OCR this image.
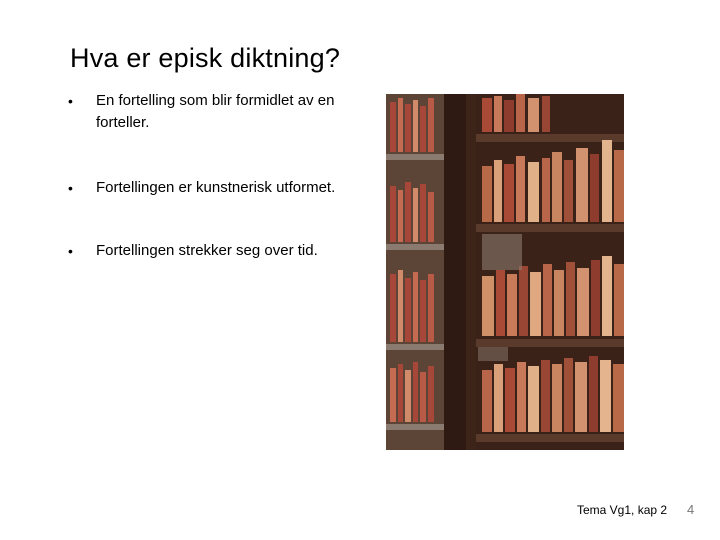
Hva er episk diktning?
• En fortelling som blir formidlet av en forteller.
• Fortellingen er kunstnerisk utformet.
• Fortellingen strekker seg over tid.
Tema Vg1, kap 2 4
